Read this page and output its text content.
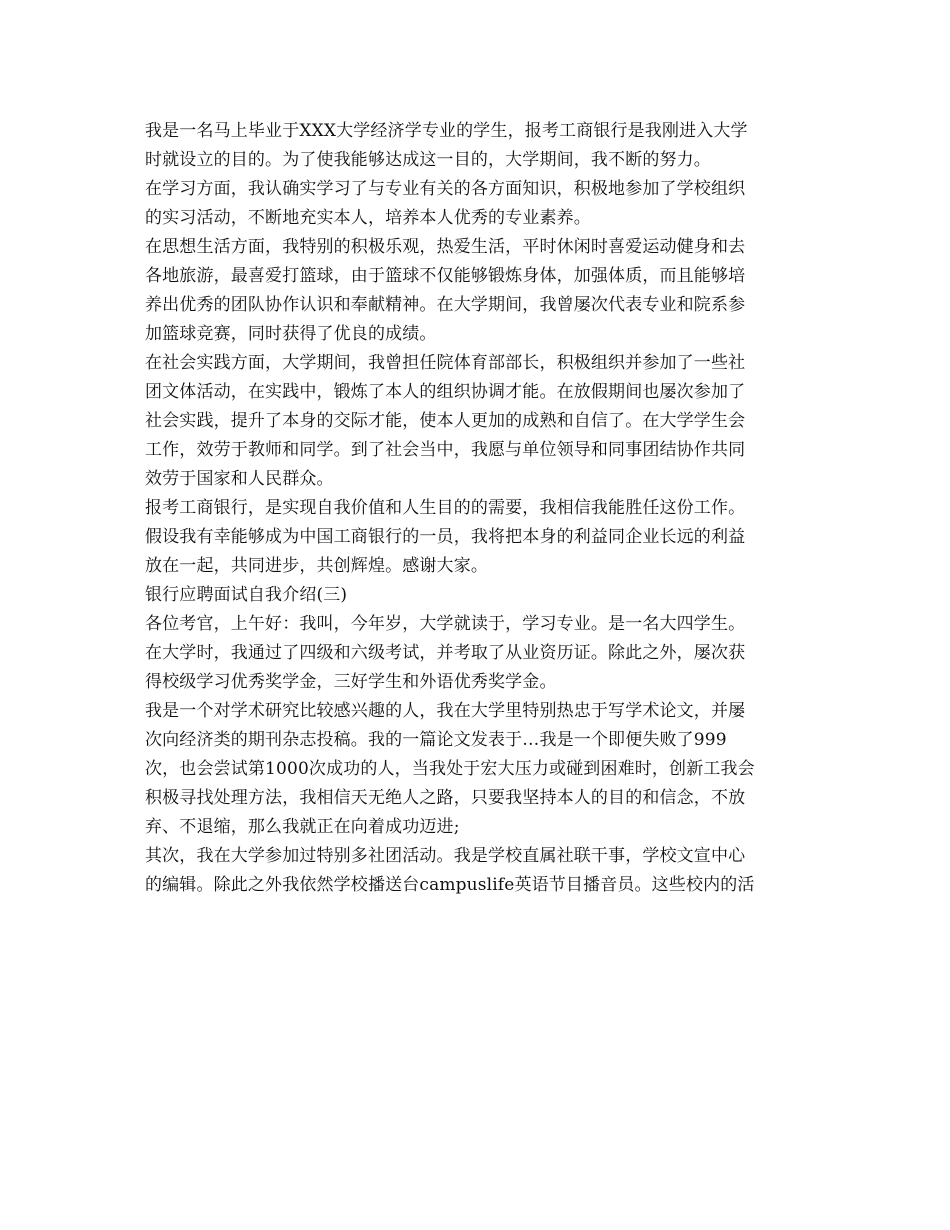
我是一名马上毕业于XXX大学经济学专业的学生，报考工商银行是我刚进入大学
时就设立的目的。为了使我能够达成这一目的，大学期间，我不断的努力。
在学习方面，我认确实学习了与专业有关的各方面知识，积极地参加了学校组织
的实习活动，不断地充实本人，培养本人优秀的专业素养。
在思想生活方面，我特别的积极乐观，热爱生活，平时休闲时喜爱运动健身和去
各地旅游，最喜爱打篮球，由于篮球不仅能够锻炼身体，加强体质，而且能够培
养出优秀的团队协作认识和奉献精神。在大学期间，我曾屡次代表专业和院系参
加篮球竞赛，同时获得了优良的成绩。
在社会实践方面，大学期间，我曾担任院体育部部长，积极组织并参加了一些社
团文体活动，在实践中，锻炼了本人的组织协调才能。在放假期间也屡次参加了
社会实践，提升了本身的交际才能，使本人更加的成熟和自信了。在大学学生会
工作，效劳于教师和同学。到了社会当中，我愿与单位领导和同事团结协作共同
效劳于国家和人民群众。
报考工商银行，是实现自我价值和人生目的的需要，我相信我能胜任这份工作。
假设我有幸能够成为中国工商银行的一员，我将把本身的利益同企业长远的利益
放在一起，共同进步，共创辉煌。感谢大家。
银行应聘面试自我介绍(三)
各位考官，上午好：我叫，今年岁，大学就读于，学习专业。是一名大四学生。
在大学时，我通过了四级和六级考试，并考取了从业资历证。除此之外，屡次获
得校级学习优秀奖学金，三好学生和外语优秀奖学金。
我是一个对学术研究比较感兴趣的人，我在大学里特别热忠于写学术论文，并屡
次向经济类的期刊杂志投稿。我的一篇论文发表于…我是一个即便失败了999
次，也会尝试第1000次成功的人，当我处于宏大压力或碰到困难时，创新工我会
积极寻找处理方法，我相信天无绝人之路，只要我坚持本人的目的和信念，不放
弃、不退缩，那么我就正在向着成功迈进;
其次，我在大学参加过特别多社团活动。我是学校直属社联干事，学校文宣中心
的编辑。除此之外我依然学校播送台campuslife英语节目播音员。这些校内的活
